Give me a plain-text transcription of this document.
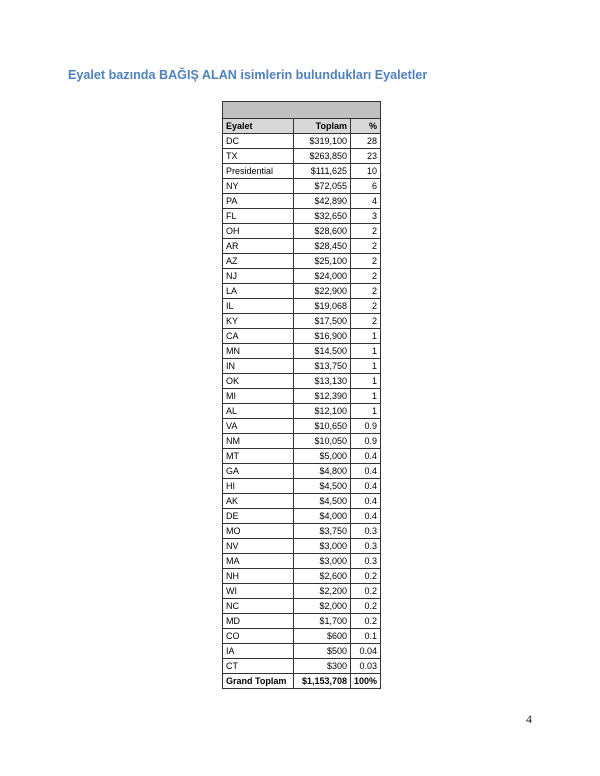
Eyalet bazında BAĞIŞ ALAN isimlerin bulundukları Eyaletler

Eyalet	Toplam	%
DC	$319,100	28
TX	$263,850	23
Presidential	$111,625	10
NY	$72,055	6
PA	$42,890	4
FL	$32,650	3
OH	$28,600	2
AR	$28,450	2
AZ	$25,100	2
NJ	$24,000	2
LA	$22,900	2
IL	$19,068	2
KY	$17,500	2
CA	$16,900	1
MN	$14,500	1
IN	$13,750	1
OK	$13,130	1
MI	$12,390	1
AL	$12,100	1
VA	$10,650	0.9
NM	$10,050	0.9
MT	$5,000	0.4
GA	$4,800	0.4
HI	$4,500	0.4
AK	$4,500	0.4
DE	$4,000	0.4
MO	$3,750	0.3
NV	$3,000	0.3
MA	$3,000	0.3
NH	$2,600	0.2
WI	$2,200	0.2
NC	$2,000	0.2
MD	$1,700	0.2
CO	$600	0.1
IA	$500	0.04
CT	$300	0.03
Grand Toplam	$1,153,708	100%
4
